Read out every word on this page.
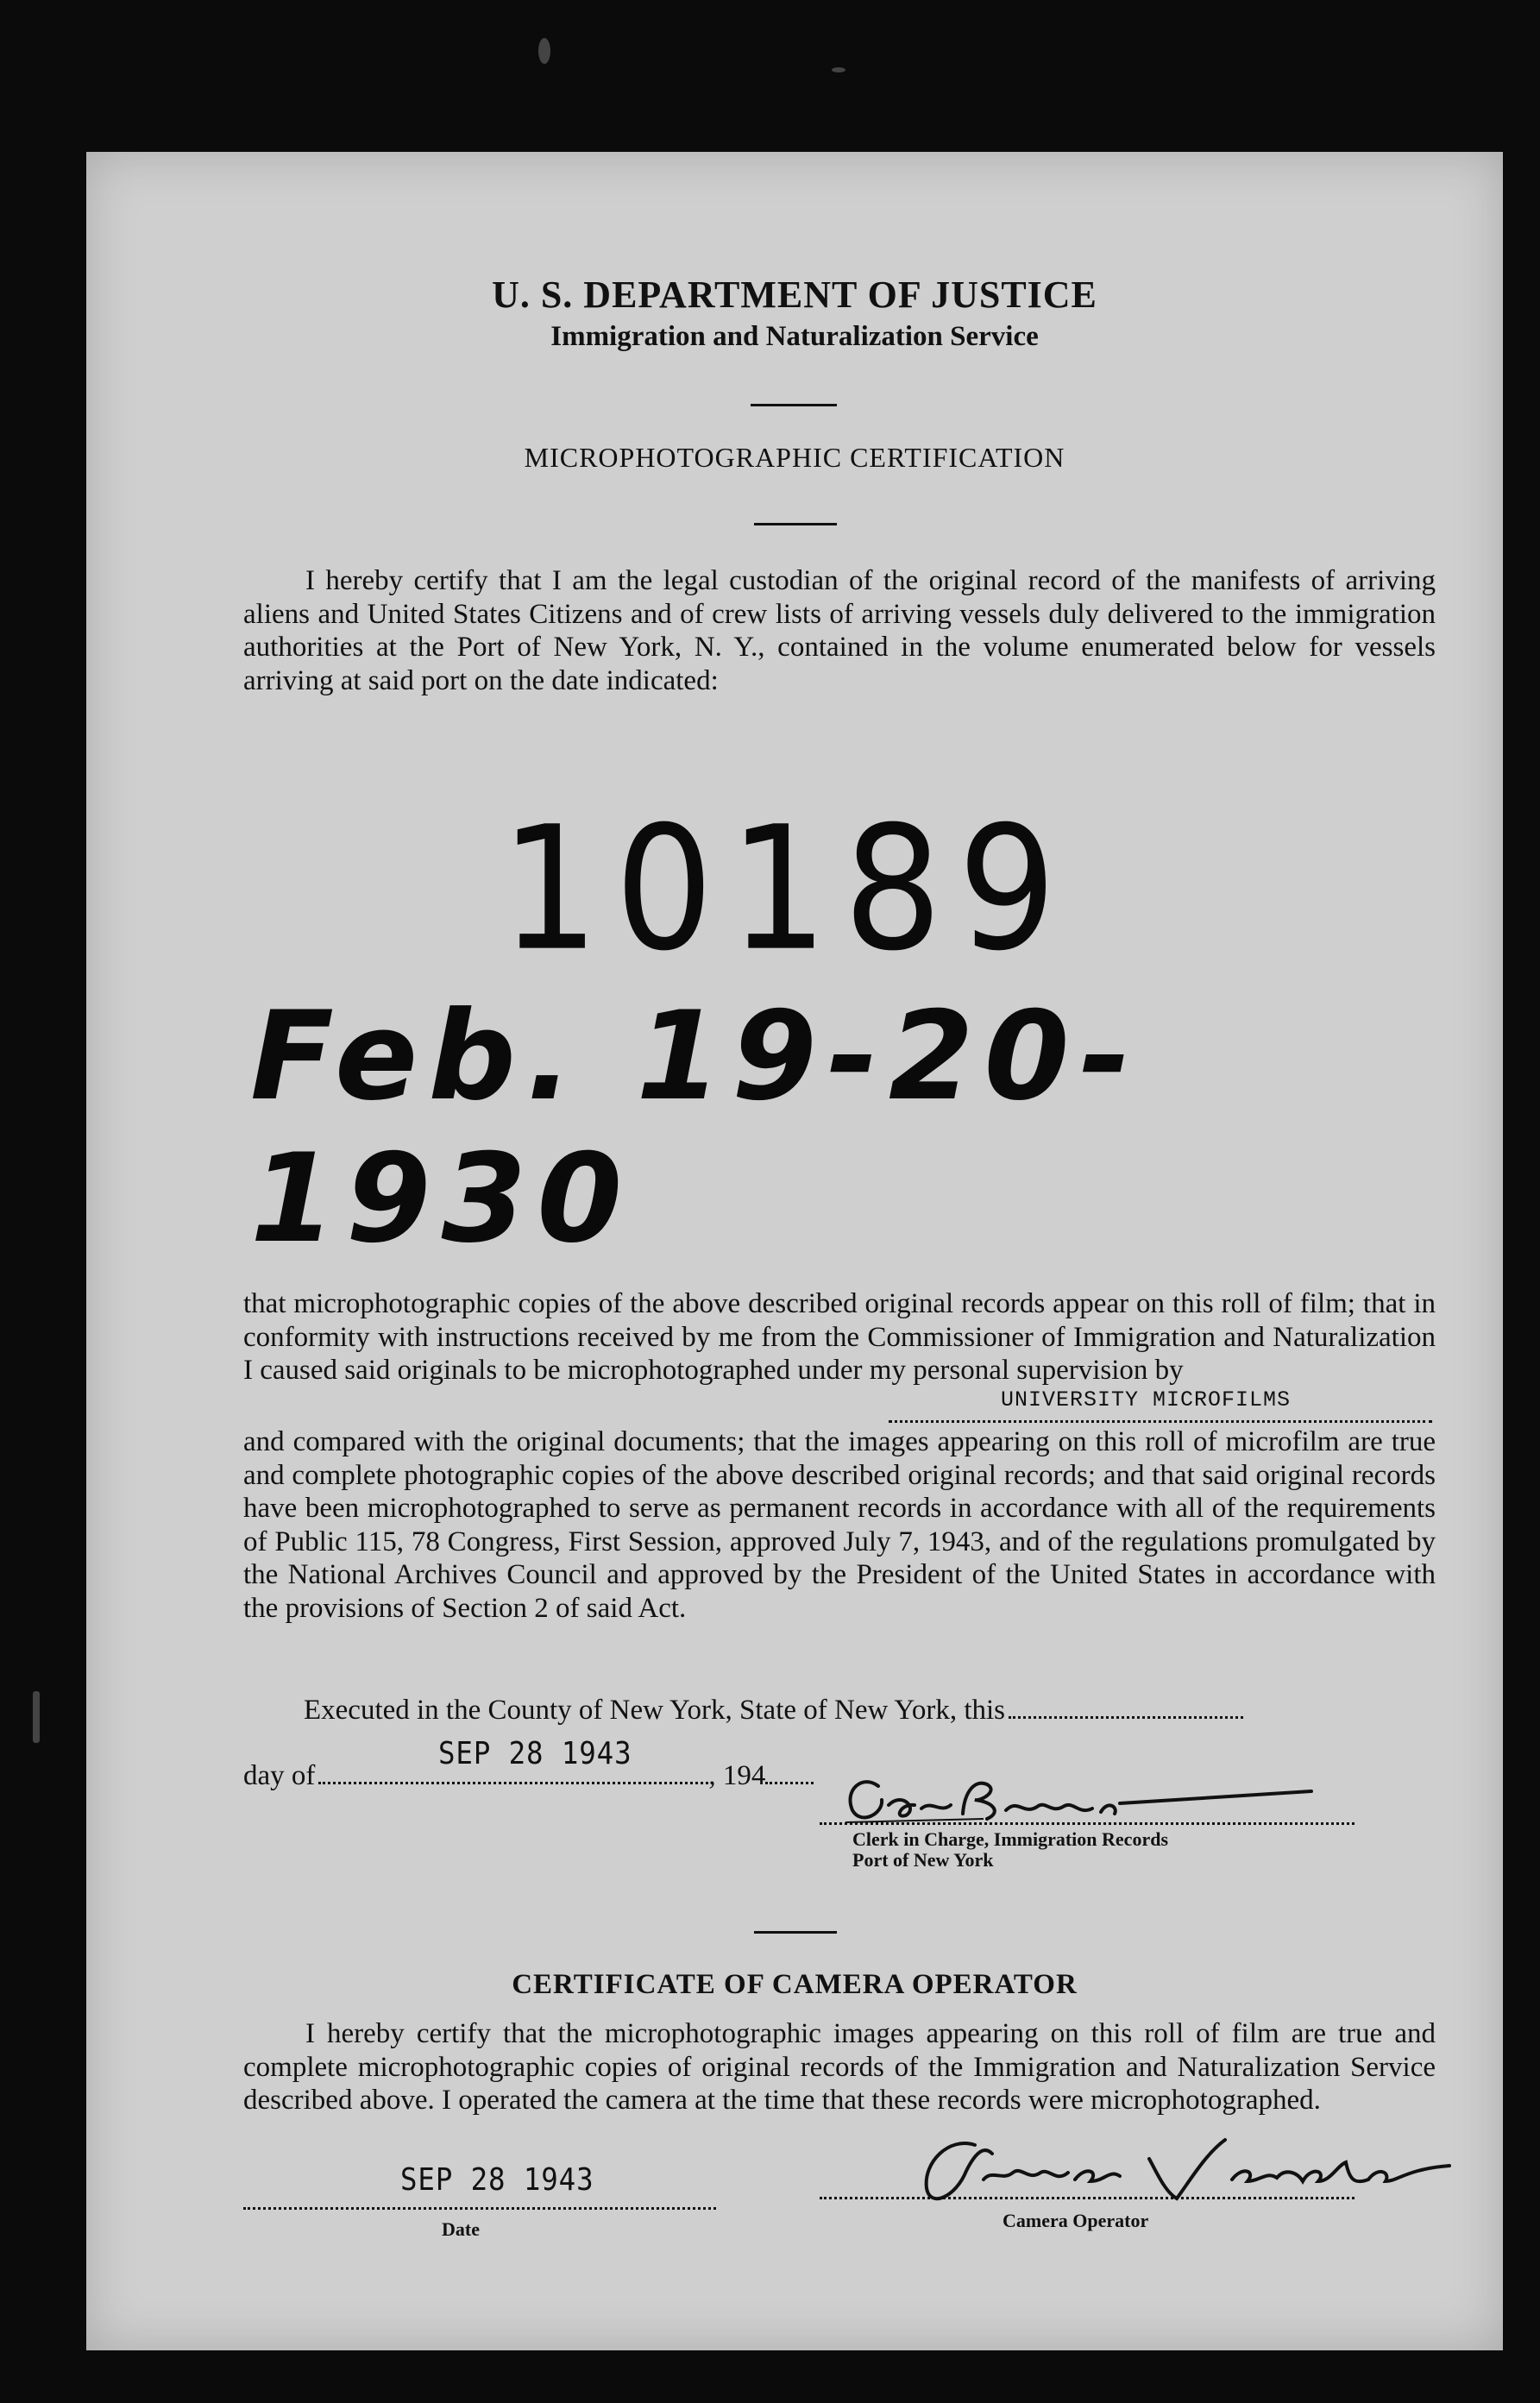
U. S. DEPARTMENT OF JUSTICE

Immigration and Naturalization Service

MICROPHOTOGRAPHIC CERTIFICATION

I hereby certify that I am the legal custodian of the original record of the manifests of arriving aliens and United States Citizens and of crew lists of arriving vessels duly delivered to the immigration authorities at the Port of New York, N. Y., contained in the volume enumerated below for vessels arriving at said port on the date indicated:

10189
Feb. 19-20-1930

that microphotographic copies of the above described original records appear on this roll of film; that in conformity with instructions received by me from the Commissioner of Immigration and Naturalization I caused said originals to be microphotographed under my personal supervision by

UNIVERSITY MICROFILMS

and compared with the original documents; that the images appearing on this roll of microfilm are true and complete photographic copies of the above described original records; and that said original records have been microphotographed to serve as permanent records in accordance with all of the requirements of Public 115, 78 Congress, First Session, approved July 7, 1943, and of the regulations promulgated by the National Archives Council and approved by the President of the United States in accordance with the provisions of Section 2 of said Act.

Executed in the County of New York, State of New York, this
day of	, 194
SEP 28 1943
Clerk in Charge, Immigration Records
Port of New York

CERTIFICATE OF CAMERA OPERATOR

I hereby certify that the microphotographic images appearing on this roll of film are true and complete microphotographic copies of original records of the Immigration and Naturalization Service described above. I operated the camera at the time that these records were microphotographed.

SEP 28 1943
Date	Camera Operator
